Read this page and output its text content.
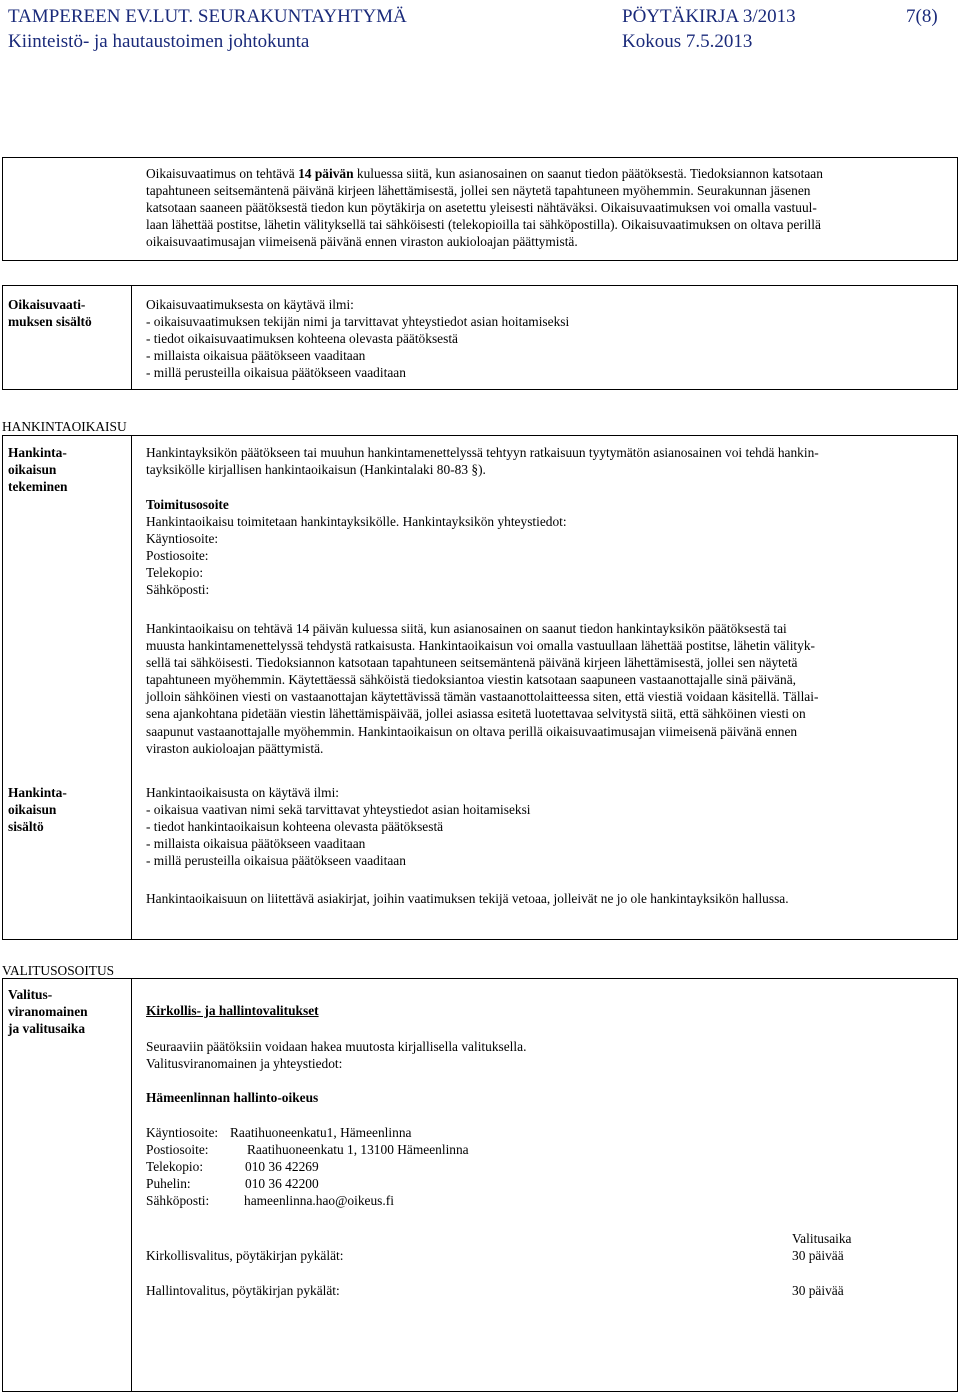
TAMPEREEN EV.LUT. SEURAKUNTAYHTYMÄ
Kiinteistö- ja hautaustoimen johtokunta
PÖYTÄKIRJA 3/2013
Kokous 7.5.2013
7(8)
Oikaisuvaatimus on tehtävä 14 päivän kuluessa siitä, kun asianosainen on saanut tiedon päätöksestä. Tiedoksiannon katsotaan
tapahtuneen seitsemäntenä päivänä kirjeen lähettämisestä, jollei sen näytetä tapahtuneen myöhemmin. Seurakunnan jäsenen
katsotaan saaneen päätöksestä tiedon kun pöytäkirja on asetettu yleisesti nähtäväksi. Oikaisuvaatimuksen voi omalla vastuul-
laan lähettää postitse, lähetin välityksellä tai sähköisesti (telekopioilla tai sähköpostilla). Oikaisuvaatimuksen on oltava perillä
oikaisuvaatimusajan viimeisenä päivänä ennen viraston aukioloajan päättymistä.
Oikaisuvaati-
muksen sisältö
Oikaisuvaatimuksesta on käytävä ilmi:
- oikaisuvaatimuksen tekijän nimi ja tarvittavat yhteystiedot asian hoitamiseksi
- tiedot oikaisuvaatimuksen kohteena olevasta päätöksestä
- millaista oikaisua päätökseen vaaditaan
- millä perusteilla oikaisua päätökseen vaaditaan
HANKINTAOIKAISU
Hankinta-
oikaisun
tekeminen
Hankintayksikön päätökseen tai muuhun hankintamenettelyssä tehtyyn ratkaisuun tyytymätön asianosainen voi tehdä hankin-
tayksikölle kirjallisen hankintaoikaisun (Hankintalaki 80-83 §).
Toimitusosoite
Hankintaoikaisu toimitetaan hankintayksikölle. Hankintayksikön yhteystiedot:
Käyntiosoite:
Postiosoite:
Telekopio:
Sähköposti:
Hankintaoikaisu on tehtävä 14 päivän kuluessa siitä, kun asianosainen on saanut tiedon hankintayksikön päätöksestä tai
muusta hankintamenettelyssä tehdystä ratkaisusta. Hankintaoikaisun voi omalla vastuullaan lähettää postitse, lähetin välityk-
sellä tai sähköisesti. Tiedoksiannon katsotaan tapahtuneen seitsemäntenä päivänä kirjeen lähettämisestä, jollei sen näytetä
tapahtuneen myöhemmin. Käytettäessä sähköistä tiedoksiantoa viestin katsotaan saapuneen vastaanottajalle sinä päivänä,
jolloin sähköinen viesti on vastaanottajan käytettävissä tämän vastaanottolaitteessa siten, että viestiä voidaan käsitellä. Tällai-
sena ajankohtana pidetään viestin lähettämispäivää, jollei asiassa esitetä luotettavaa selvitystä siitä, että sähköinen viesti on
saapunut vastaanottajalle myöhemmin. Hankintaoikaisun on oltava perillä oikaisuvaatimusajan viimeisenä päivänä ennen
viraston aukioloajan päättymistä.
Hankinta-
oikaisun
sisältö
Hankintaoikaisusta on käytävä ilmi:
- oikaisua vaativan nimi sekä tarvittavat yhteystiedot asian hoitamiseksi
- tiedot hankintaoikaisun kohteena olevasta päätöksestä
- millaista oikaisua päätökseen vaaditaan
- millä perusteilla oikaisua päätökseen vaaditaan
Hankintaoikaisuun on liitettävä asiakirjat, joihin vaatimuksen tekijä vetoaa, jolleivät ne jo ole hankintayksikön hallussa.
VALITUSOSOITUS
Valitus-
viranomainen
ja valitusaika
Kirkollis- ja hallintovalitukset
Seuraaviin päätöksiin voidaan hakea muutosta kirjallisella valituksella.
Valitusviranomainen ja yhteystiedot:
Hämeenlinnan hallinto-oikeus
Käyntiosoite: Raatihuoneenkatu1, Hämeenlinna
Postiosoite:	Raatihuoneenkatu 1, 13100 Hämeenlinna
Telekopio:	010 36 42269
Puhelin:	010 36 42200
Sähköposti:	hameenlinna.hao@oikeus.fi
Valitusaika
Kirkollisvalitus, pöytäkirjan pykälät:	30 päivää
Hallintovalitus, pöytäkirjan pykälät:	30 päivää
